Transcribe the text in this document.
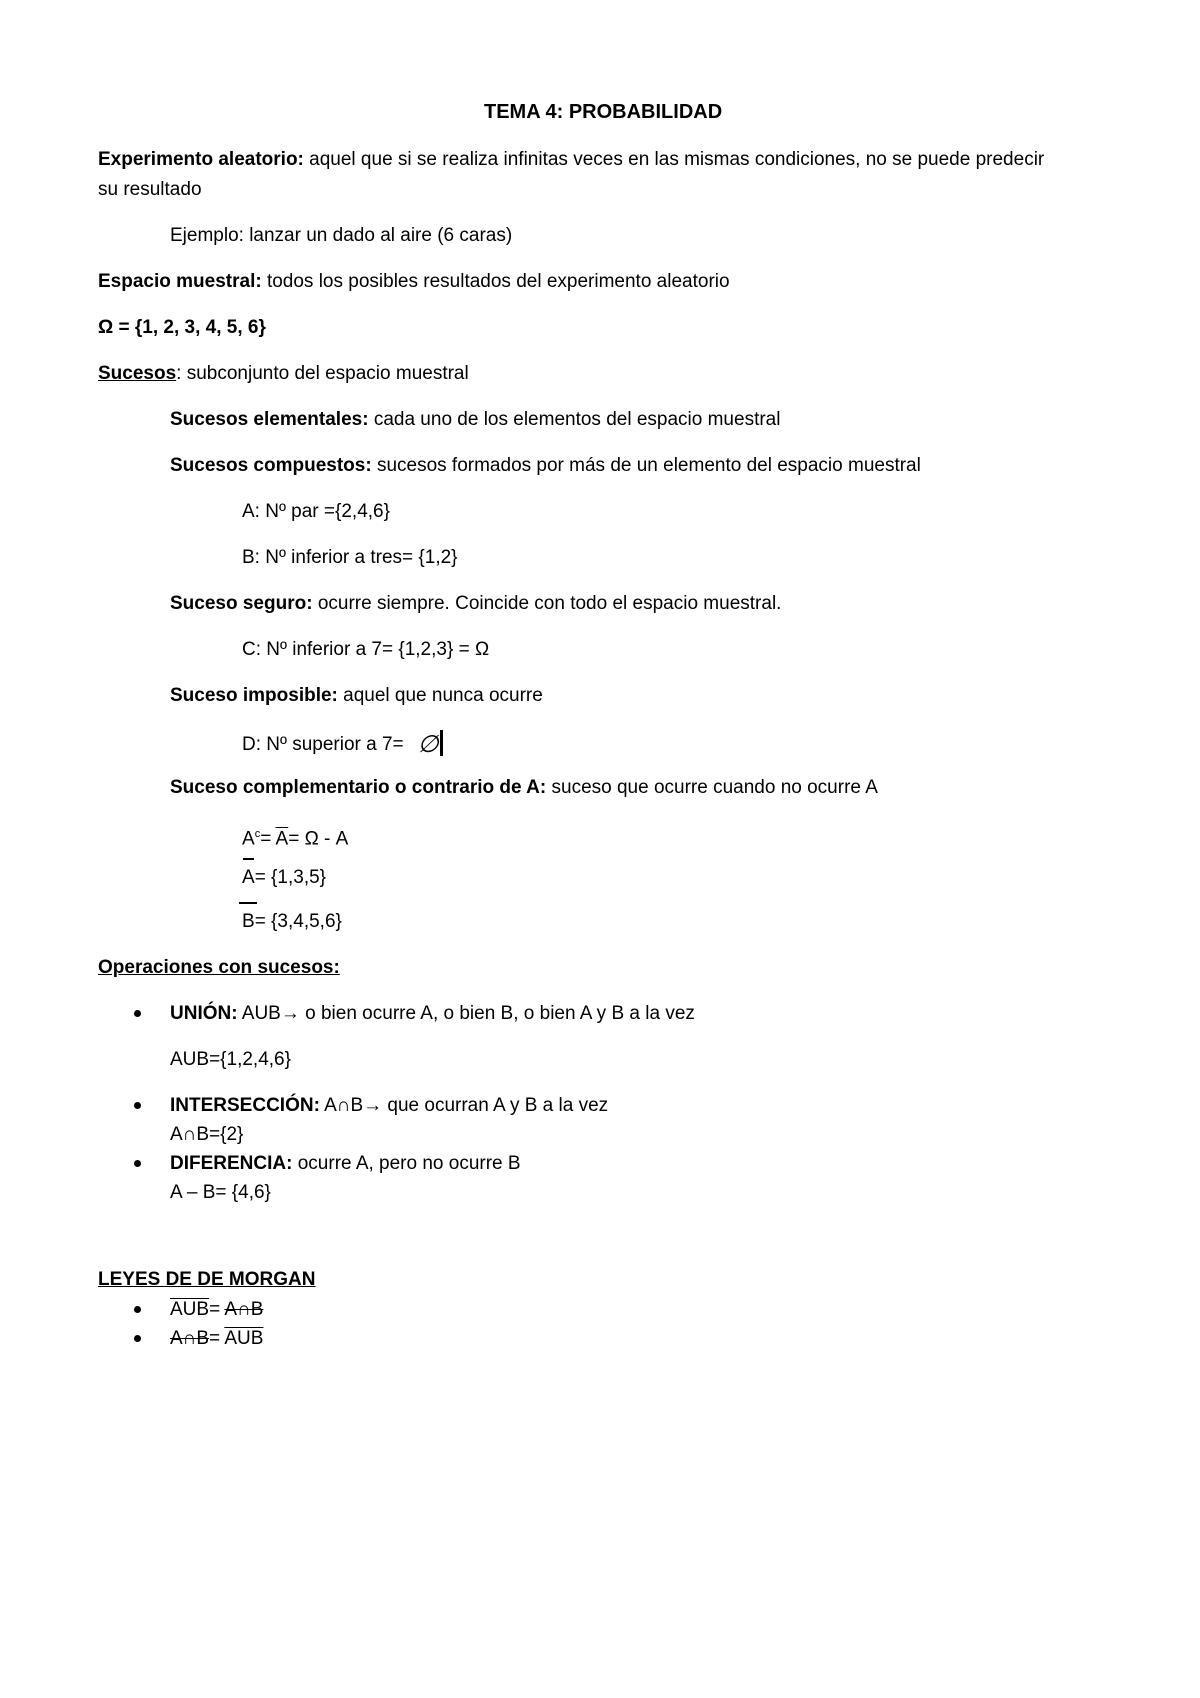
TEMA 4: PROBABILIDAD
Experimento aleatorio: aquel que si se realiza infinitas veces en las mismas condiciones, no se puede predecir
su resultado
Ejemplo: lanzar un dado al aire (6 caras)
Espacio muestral: todos los posibles resultados del experimento aleatorio
Ω = {1, 2, 3, 4, 5, 6}
Sucesos: subconjunto del espacio muestral
Sucesos elementales: cada uno de los elementos del espacio muestral
Sucesos compuestos: sucesos formados por más de un elemento del espacio muestral
A: Nº par ={2,4,6}
B: Nº inferior a tres= {1,2}
Suceso seguro: ocurre siempre. Coincide con todo el espacio muestral.
C: Nº inferior a 7= {1,2,3} = Ω
Suceso imposible: aquel que nunca ocurre
D: Nº superior a 7= ∅
Suceso complementario o contrario de A: suceso que ocurre cuando no ocurre A
$A^c= \overline{A}= \Omega - A$
A= {1,3,5}
B= {3,4,5,6}
Operaciones con sucesos:
UNIÓN: AUB→ o bien ocurre A, o bien B, o bien A y B a la vez
AUB={1,2,4,6}
INTERSECCIÓN: A∩B→ que ocurran A y B a la vez
A∩B={2}
DIFERENCIA: ocurre A, pero no ocurre B
A – B= {4,6}
LEYES DE DE MORGAN
$\overline{AUB}=$ A∩B
A∩B= $\overline{AUB}$
